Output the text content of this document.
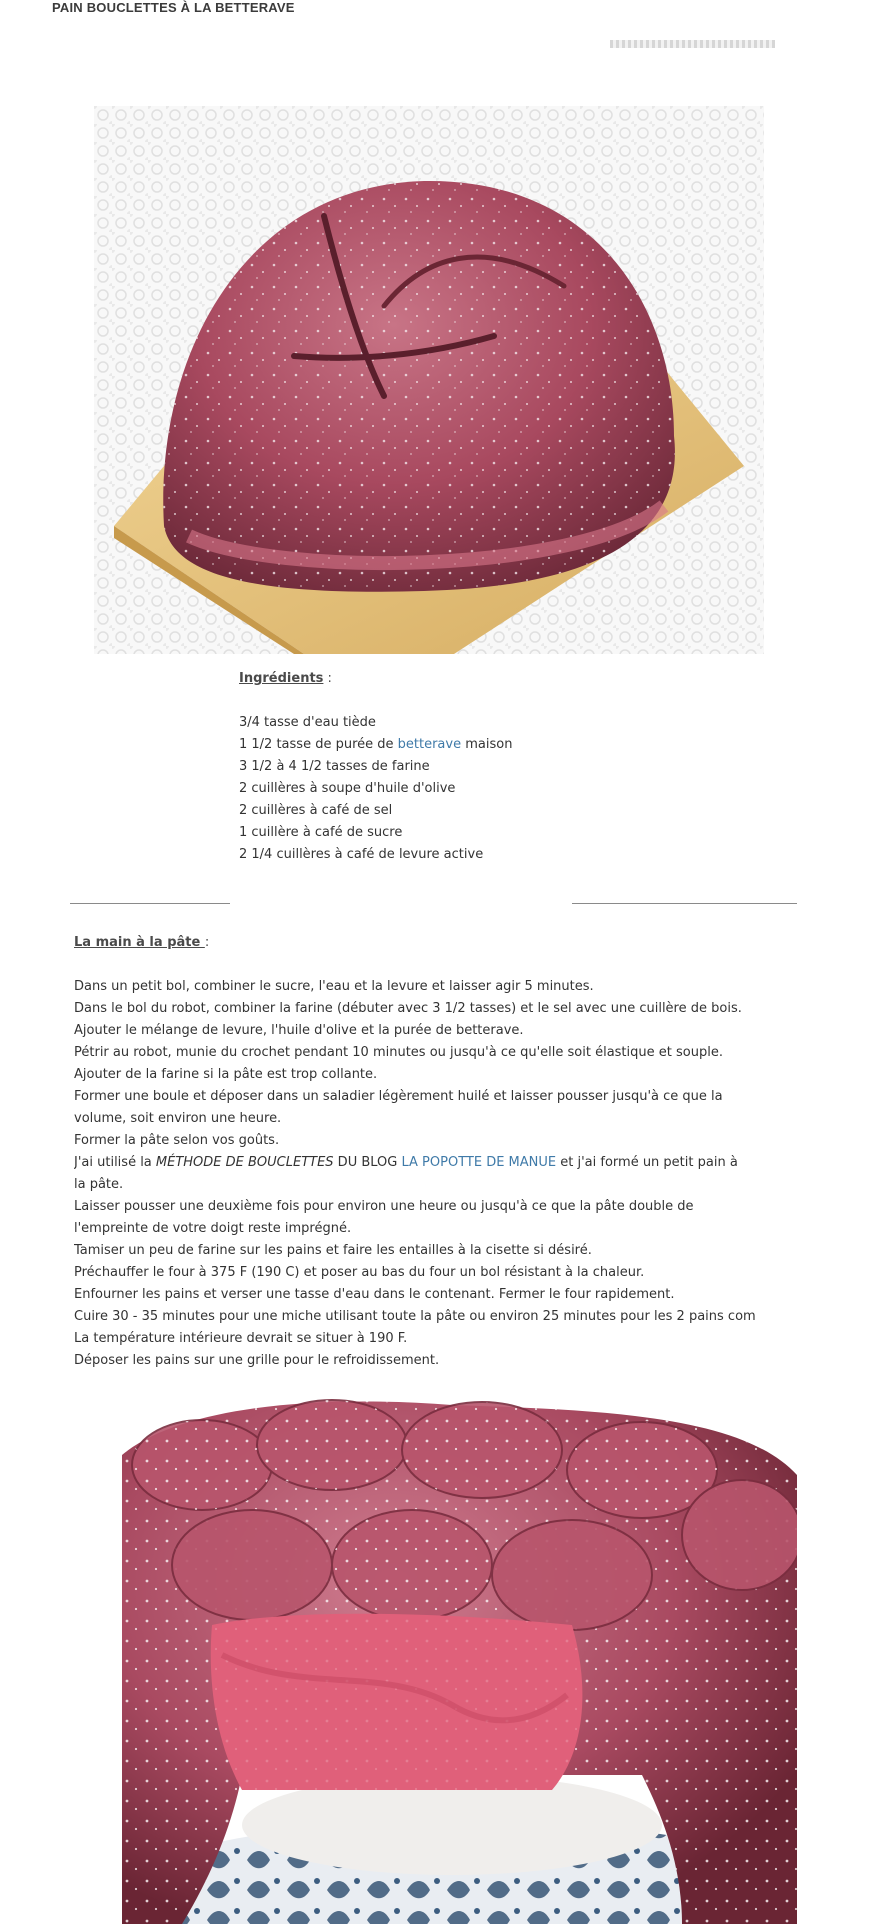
PAIN BOUCLETTES À LA BETTERAVE
Ingrédients :
3/4 tasse d'eau tiède
1 1/2 tasse de purée de betterave maison
3 1/2 à 4 1/2 tasses de farine
2 cuillères à soupe d'huile d'olive
2 cuillères à café de sel
1 cuillère à café de sucre
2 1/4 cuillères à café de levure active
La main à la pâte :

Dans un petit bol, combiner le sucre, l'eau et la levure et laisser agir 5 minutes.

Dans le bol du robot, combiner la farine (débuter avec 3 1/2 tasses) et le sel avec une cuillère de bois.

Ajouter le mélange de levure, l'huile d'olive et la purée de betterave.

Pétrir au robot, munie du crochet pendant 10 minutes ou jusqu'à ce qu'elle soit élastique et souple.

Ajouter de la farine si la pâte est trop collante.

Former une boule et déposer dans un saladier légèrement huilé et laisser pousser jusqu'à ce que la

volume, soit environ une heure.

Former la pâte selon vos goûts.

J'ai utilisé la MÉTHODE DE BOUCLETTES DU BLOG LA POPOTTE DE MANUE et j'ai formé un petit pain à

la pâte.

Laisser pousser une deuxième fois pour environ une heure ou jusqu'à ce que la pâte double de

l'empreinte de votre doigt reste imprégné.

Tamiser un peu de farine sur les pains et faire les entailles à la cisette si désiré.

Préchauffer le four à 375 F (190 C) et poser au bas du four un bol résistant à la chaleur.

Enfourner les pains et verser une tasse d'eau dans le contenant. Fermer le four rapidement.

Cuire 30 - 35 minutes pour une miche utilisant toute la pâte ou environ 25 minutes pour les 2 pains com

La température intérieure devrait se situer à 190 F.

Déposer les pains sur une grille pour le refroidissement.
